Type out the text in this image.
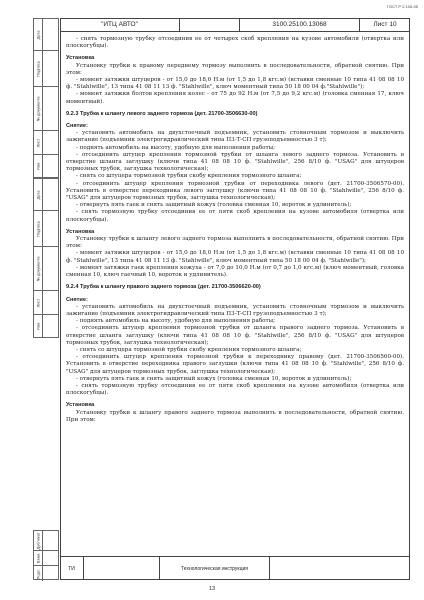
ГОСТ Р 2.105-95
"ИТЦ АВТО"	3100.25100.13068	Лист 10
Дата
Подпись
№ документа
Лист
Изм.
Дата
Подпись
№ документа
Лист
Изм.
Дубликат
Взам.
Подл.

- снять тормозную трубку отсоединив ее от четырех скоб крепления на кузове автомобиля (отвертка или плоскогубцы).

Установка

Установку трубки к правому переднему тормозу выполнить в последовательности, обратной снятию. При этом:

- момент затяжки штуцеров - от 15,0 до 18,0 Н.м (от 1,5 до 1,8 кгс.м) (вставки сменные 10 типа 41 08 08 10 ф. "Stahlwille", 13 типа 41 08 11 13 ф. "Stahlwille", ключ моментный типа 50 18 00 04 ф."Stahlwille");

- момент затяжки болтов крепления колес - от 75 до 92 Н.м (от 7,5 до 9,2 кгс.м) (головка сменная 17, ключ моментный).

9.2.3 Трубка к шлангу левого заднего тормоза (дет. 21700-3506630-00)

Снятие:

- установить автомобиль на двухстоечный подъемник, установить стояночным тормозом и выключить зажигание (подъемник электрогидравлический типа П3-Т-СП грузоподъемностью 3 т);

- поднять автомобиль на высоту, удобную для выполнения работы;

- отсоединить штуцер крепления тормозной трубки от шланга левого заднего тормоза. Установить в отверстие шланга заглушку (ключи типа 41 08 08 10 ф. "Stahlwille", 256 8/10 ф. "USAG" для штуцеров тормозных трубок, заглушка технологическая);

- снять со штуцера тормозной трубки скобу крепления тормозного шланга;

- отсоединить штуцер крепления тормозной трубки от переходника левого (дет. 21700-3506570-00). Установить в отверстие переходника левого заглушку (ключи типа 41 08 08 10 ф. "Stahlwille", 256 8/10 ф. "USAG" для штуцеров тормозных трубок, заглушка технологическая);

- отвернуть пять гаек и снять защитный кожух (головка сменная 10, вороток и удлинитель);

- снять тормозную трубку отсоединив ее от пяти скоб крепления на кузове автомобиля (отвертка или плоскогубцы).

Установка

Установку трубки к шлангу левого заднего тормоза выполнить в последовательности, обратной снятию. При этом:

- момент затяжки штуцеров - от 15,0 до 18,0 Н.м (от 1,5 до 1,8 кгс.м) (вставки сменные 10 типа 41 08 08 10 ф. "Stahlwille", 13 типа 41 08 11 13 ф. "Stahlwille", ключ моментный типа 50 18 00 04 ф. "Stahlwille");

- момент затяжки гаек крепления кожуха - от 7,0 до 10,0 Н.м (от 0,7 до 1,0 кгс.м) (ключ моментный, головка сменная 10, ключ гаечный 10, вороток и удлинитель).

9.2.4 Трубка к шлангу правого заднего тормоза (дет. 21700-3506620-00)

Снятие:

- установить автомобиль на двухстоечный подъемник, установить стояночным тормозом и выключить зажигание (подъемник электрогидравлический типа П3-Т-СП грузоподъемностью 3 т);

- поднять автомобиль на высоту, удобную для выполнения работы;

- отсоединить штуцер крепления тормозной трубки от шланга правого заднего тормоза. Установить в отверстие шланга заглушку (ключи типа 41 08 08 10 ф. "Stahlwille", 256 8/10 ф. "USAG" для штуцеров тормозных трубок, заглушка технологическая);

- снять со штуцера тормозной трубки скобу крепления тормозного шланга;

- отсоединить штуцер крепления тормозной трубки к переходнику правому (дет. 21700-3506560-00). Установить в отверстие переходника правого заглушки (ключи типа 41 08 08 10 ф. "Stahlwille", 256 8/10 ф. "USAG" для штуцеров тормозных трубок, заглушка технологическая);

- отвернуть пять гаек и снять защитный кожух (головка сменная 10, вороток и удлинитель);

- снять тормозную трубку отсоединив ее от пяти скоб крепления на кузове автомобиля (отвертка или плоскогубцы).

Установка

Установку трубки к шлангу правого заднего тормоза выполнить в последовательности, обратной снятию. При этом:

ТИ	Технологическая инструкция
13
